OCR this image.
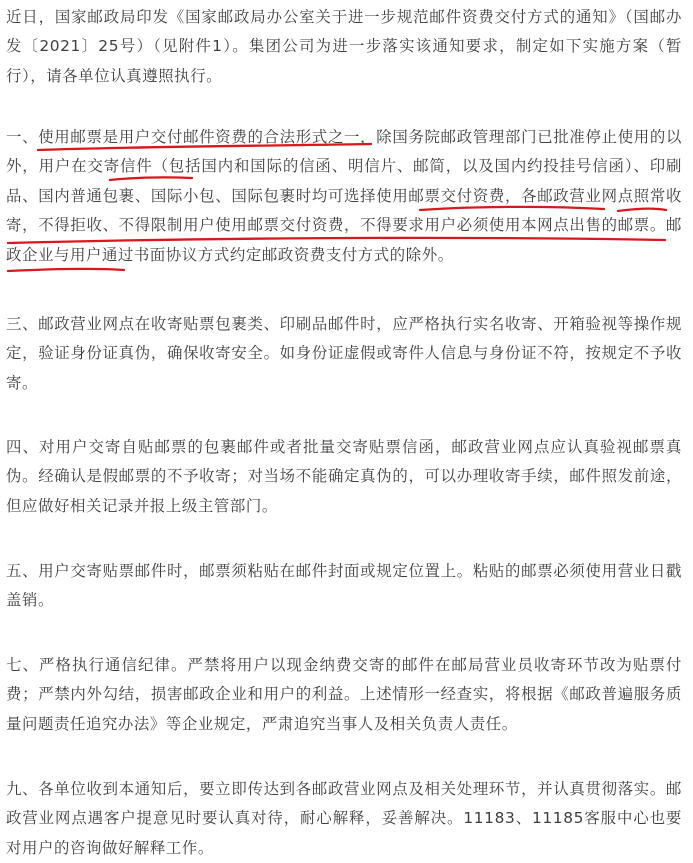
近日，国家邮政局印发《国家邮政局办公室关于进一步规范邮件资费交付方式的通知》（国邮办发〔2021〕25号）（见附件1）。集团公司为进一步落实该通知要求，制定如下实施方案（暂行），请各单位认真遵照执行。

一、使用邮票是用户交付邮件资费的合法形式之一，除国务院邮政管理部门已批准停止使用的以外，用户在交寄信件（包括国内和国际的信函、明信片、邮简，以及国内约投挂号信函）、印刷品、国内普通包裹、国际小包、国际包裹时均可选择使用邮票交付资费，各邮政营业网点照常收寄，不得拒收、不得限制用户使用邮票交付资费，不得要求用户必须使用本网点出售的邮票。邮政企业与用户通过书面协议方式约定邮政资费支付方式的除外。

三、邮政营业网点在收寄贴票包裹类、印刷品邮件时，应严格执行实名收寄、开箱验视等操作规定，验证身份证真伪，确保收寄安全。如身份证虚假或寄件人信息与身份证不符，按规定不予收寄。

四、对用户交寄自贴邮票的包裹邮件或者批量交寄贴票信函，邮政营业网点应认真验视邮票真伪。经确认是假邮票的不予收寄；对当场不能确定真伪的，可以办理收寄手续，邮件照发前途，但应做好相关记录并报上级主管部门。

五、用户交寄贴票邮件时，邮票须粘贴在邮件封面或规定位置上。粘贴的邮票必须使用营业日戳盖销。

七、严格执行通信纪律。严禁将用户以现金纳费交寄的邮件在邮局营业员收寄环节改为贴票付费；严禁内外勾结，损害邮政企业和用户的利益。上述情形一经查实，将根据《邮政普遍服务质量问题责任追究办法》等企业规定，严肃追究当事人及相关负责人责任。

九、各单位收到本通知后，要立即传达到各邮政营业网点及相关处理环节，并认真贯彻落实。邮政营业网点遇客户提意见时要认真对待，耐心解释，妥善解决。11183、11185客服中心也要对用户的咨询做好解释工作。
